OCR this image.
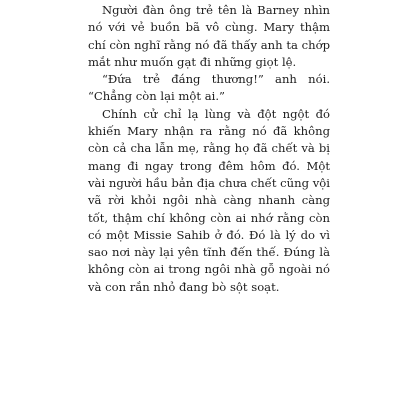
Người đàn ông trẻ tên là Barney nhìn nó với vẻ buồn bã vô cùng. Mary thậm chí còn nghĩ rằng nó đã thấy anh ta chớp mắt như muốn gạt đi những giọt lệ.

“Đứa trẻ đáng thương!” anh nói. “Chẳng còn lại một ai.”

Chính cử chỉ lạ lùng và đột ngột đó khiến Mary nhận ra rằng nó đã không còn cả cha lẫn mẹ, rằng họ đã chết và bị mang đi ngay trong đêm hôm đó. Một vài người hầu bản địa chưa chết cũng vội vã rời khỏi ngôi nhà càng nhanh càng tốt, thậm chí không còn ai nhớ rằng còn có một Missie Sahib ở đó. Đó là lý do vì sao nơi này lại yên tĩnh đến thế. Đúng là không còn ai trong ngôi nhà gỗ ngoài nó và con rắn nhỏ đang bò sột soạt.
